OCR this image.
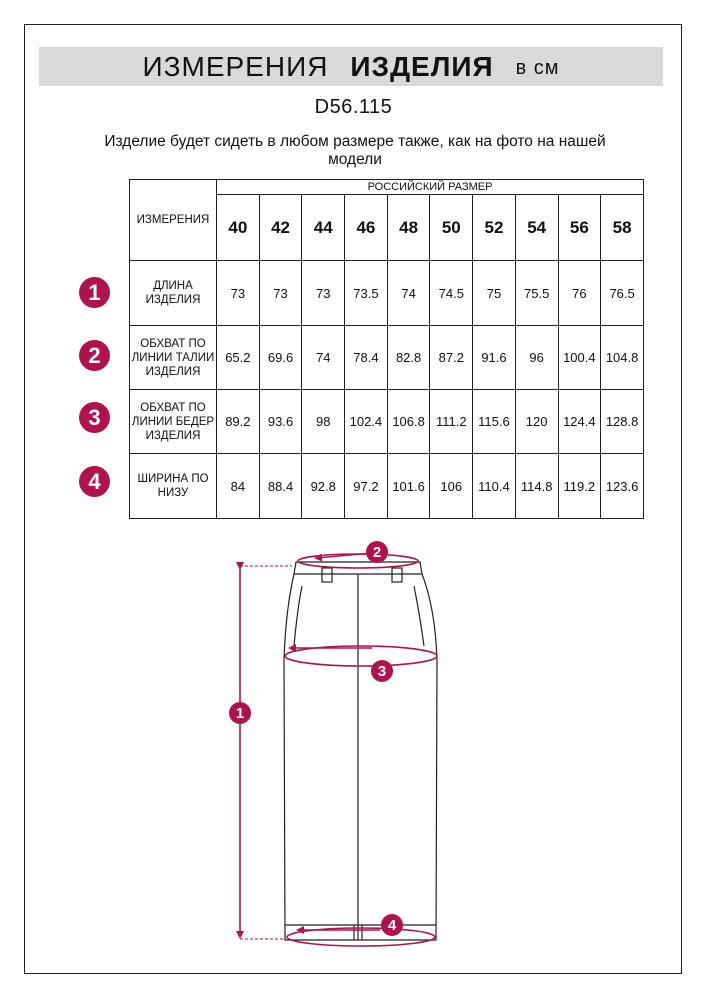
ИЗМЕРЕНИЯ ИЗДЕЛИЯ в см
D56.115
Изделие будет сидеть в любом размере также, как на фото на нашей модели
ИЗМЕРЕНИЯ	РОССИЙСКИЙ РАЗМЕР									
	40	42	44	46	48	50	52	54	56	58
ДЛИНА ИЗДЕЛИЯ	73	73	73	73.5	74	74.5	75	75.5	76	76.5
ОБХВАТ ПО ЛИНИИ ТАЛИИ ИЗДЕЛИЯ	65.2	69.6	74	78.4	82.8	87.2	91.6	96	100.4	104.8
ОБХВАТ ПО ЛИНИИ БЕДЕР ИЗДЕЛИЯ	89.2	93.6	98	102.4	106.8	111.2	115.6	120	124.4	128.8
ШИРИНА ПО НИЗУ	84	88.4	92.8	97.2	101.6	106	110.4	114.8	119.2	123.6
1
2
3
4
1
2
3
4
